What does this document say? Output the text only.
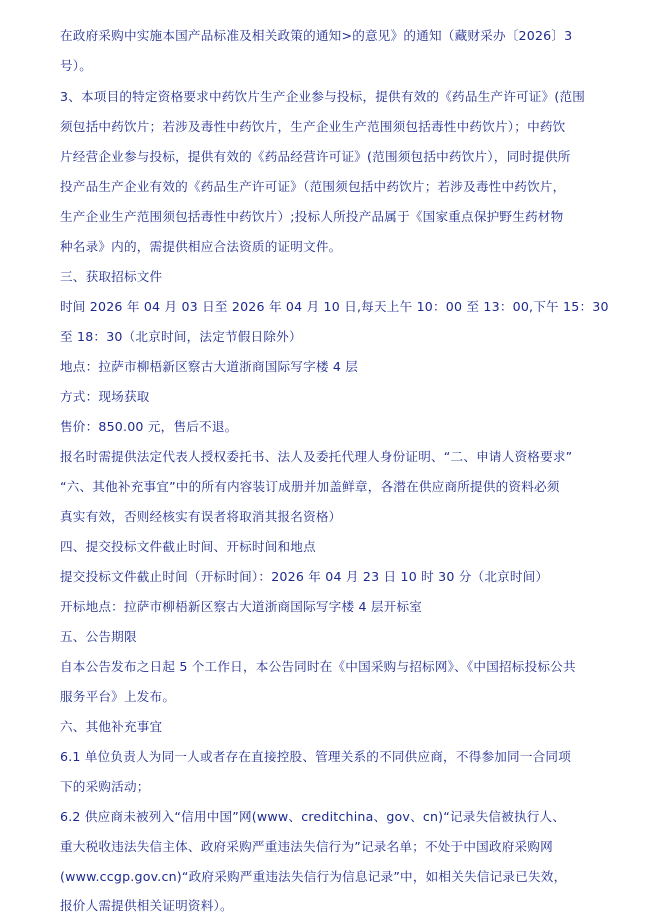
在政府采购中实施本国产品标准及相关政策的通知>的意见》的通知（藏财采办〔2026〕3
号）。
3、本项目的特定资格要求中药饮片生产企业参与投标，提供有效的《药品生产许可证》(范围
须包括中药饮片；若涉及毒性中药饮片，生产企业生产范围须包括毒性中药饮片）；中药饮
片经营企业参与投标，提供有效的《药品经营许可证》(范围须包括中药饮片），同时提供所
投产品生产企业有效的《药品生产许可证》（范围须包括中药饮片；若涉及毒性中药饮片，
生产企业生产范围须包括毒性中药饮片）;投标人所投产品属于《国家重点保护野生药材物
种名录》内的，需提供相应合法资质的证明文件。
三、获取招标文件
时间 2026 年 04 月 03 日至 2026 年 04 月 10 日,每天上午 10：00 至 13：00,下午 15：30
至 18：30（北京时间，法定节假日除外）
地点：拉萨市柳梧新区察古大道浙商国际写字楼 4 层
方式：现场获取
售价：850.00 元，售后不退。
报名时需提供法定代表人授权委托书、法人及委托代理人身份证明、“二、申请人资格要求”
“六、其他补充事宜”中的所有内容装订成册并加盖鲜章，各潜在供应商所提供的资料必须
真实有效，否则经核实有误者将取消其报名资格）
四、提交投标文件截止时间、开标时间和地点
提交投标文件截止时间（开标时间）：2026 年 04 月 23 日 10 时 30 分（北京时间）
开标地点：拉萨市柳梧新区察古大道浙商国际写字楼 4 层开标室
五、公告期限
自本公告发布之日起 5 个工作日，本公告同时在《中国采购与招标网》、《中国招标投标公共
服务平台》上发布。
六、其他补充事宜
6.1 单位负责人为同一人或者存在直接控股、管理关系的不同供应商，不得参加同一合同项
下的采购活动；
6.2 供应商未被列入“信用中国”网(www、creditchina、gov、cn)“记录失信被执行人、
重大税收违法失信主体、政府采购严重违法失信行为”记录名单；不处于中国政府采购网
(www.ccgp.gov.cn)“政府采购严重违法失信行为信息记录”中，如相关失信记录已失效，
报价人需提供相关证明资料）。
